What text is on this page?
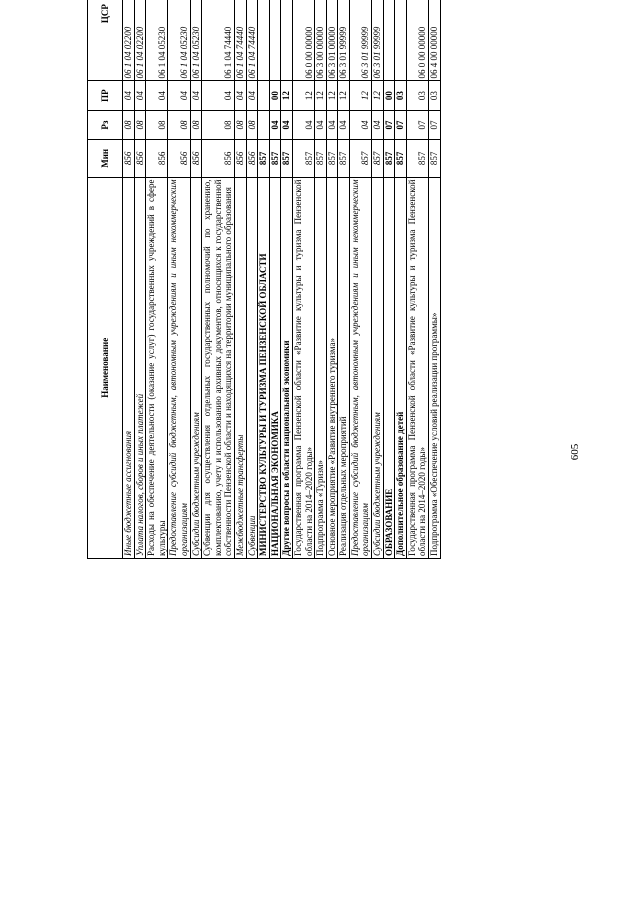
605
Наименование	Мин	Рз	ПР	ЦСР			
Иные бюджетные ассигнования	856	08	04	06 1 04 02200			
Уплата налогов, сборов и иных платежей	856	08	04	06 1 04 02200			
Расходы на обеспечение деятельности (оказание услуг) государственных учреждений в сфере культуры	856	08	04	06 1 04 05230			
Предоставление субсидий бюджетным, автономным учреждениям и иным некоммерческим организациям	856	08	04	06 1 04 05230			
Субсидии бюджетным учреждениям	856	08	04	06 1 04 05230			
Субвенции для осуществления отдельных государственных полномочий по хранению, комплектованию, учету и использованию архивных документов, относящихся к государственной собственности Пензенской области и находящихся на территории муниципального образования	856	08	04	06 1 04 74440			
Межбюджетные трансферты	856	08	04	06 1 04 74440			
Субвенции	856	08	04	06 1 04 74440			
МИНИСТЕРСТВО КУЛЬТУРЫ И ТУРИЗМА ПЕНЗЕНСКОЙ ОБЛАСТИ	857						
НАЦИОНАЛЬНАЯ ЭКОНОМИКА	857	04	00				
Другие вопросы в области национальной экономики	857	04	12				
Государственная программа Пензенской области «Развитие культуры и туризма Пензенской области на 2014–2020 годы»	857	04	12	06 0 00 00000			
Подпрограмма «Туризм»	857	04	12	06 3 00 00000			
Основное мероприятие «Развитие внутреннего туризма»	857	04	12	06 3 01 00000			
Реализация отдельных мероприятий	857	04	12	06 3 01 99999			
Предоставление субсидий бюджетным, автономным учреждениям и иным некоммерческим организациям	857	04	12	06 3 01 99999			
Субсидии бюджетным учреждениям	857	04	12	06 3 01 99999			
ОБРАЗОВАНИЕ	857	07	00				
Дополнительное образование детей	857	07	03				
Государственная программа Пензенской области «Развитие культуры и туризма Пензенской области на 2014–2020 годы»	857	07	03	06 0 00 00000			
Подпрограмма «Обеспечение условий реализации программы»	857	07	03	06 4 00 00000			
